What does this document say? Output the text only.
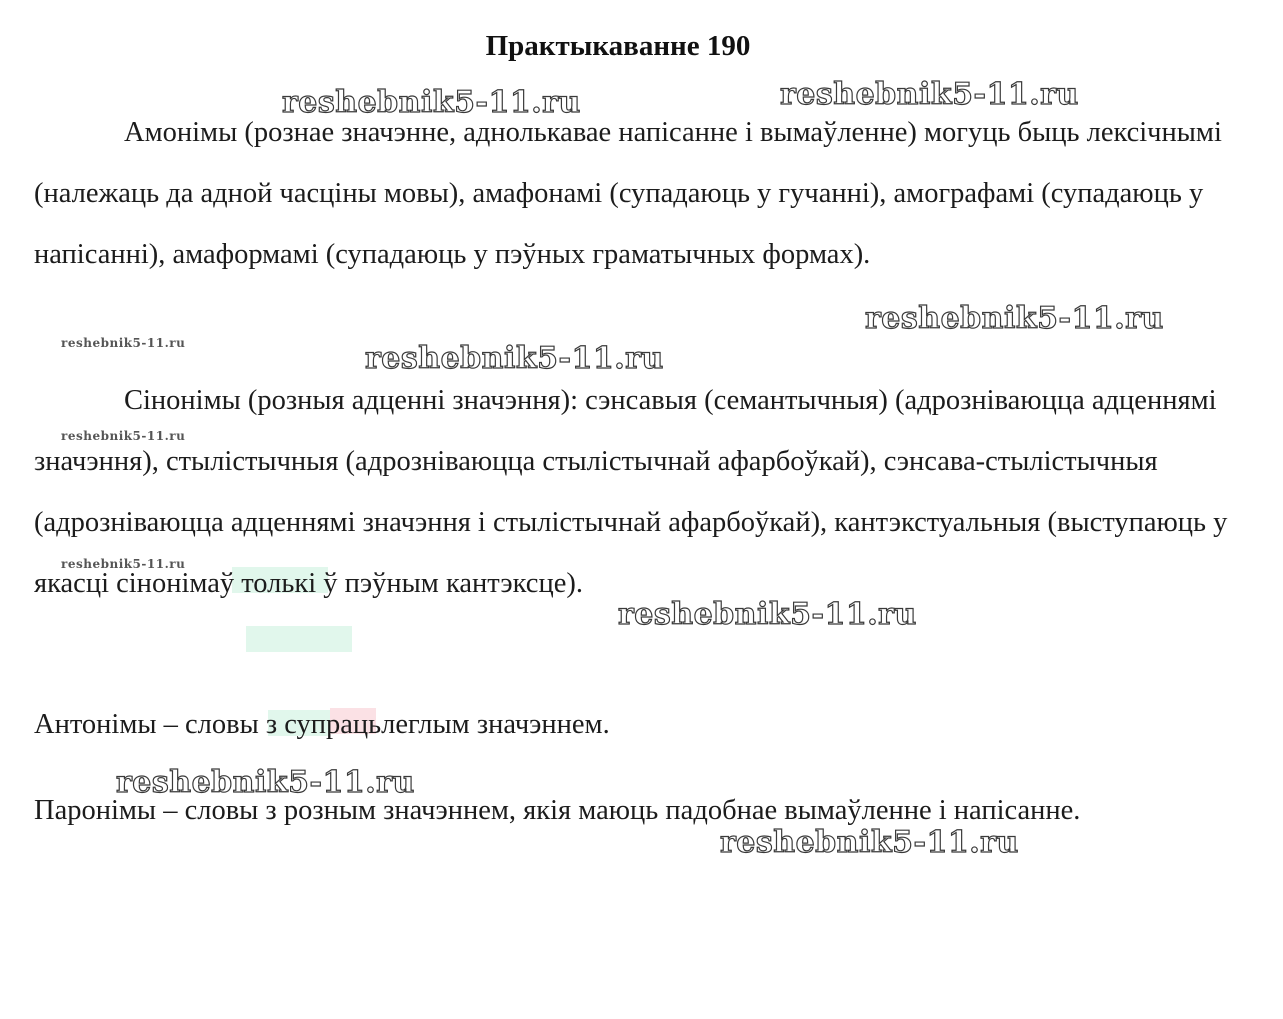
Практыкаванне 190

Амонімы (рознае значэнне, аднолькавае напісанне і вымаўленне) могуць быць лексічнымі (належаць да адной часціны мовы), амафонамі (супадаюць у гучанні), амографамі (супадаюць у напісанні), амаформамі (супадаюць у пэўных граматычных формах).

Сінонімы (розныя адценні значэння): сэнсавыя (семантычныя) (адрозніваюцца адценнямі значэння), стылістычныя (адрозніваюцца стылістычнай афарбоўкай), сэнсава-стылістычныя (адрозніваюцца адценнямі значэння і стылістычнай афарбоўкай), кантэкстуальныя (выступаюць у якасці сінонімаў толькі ў пэўным кантэксце).

Антонімы – словы з супрацьлеглым значэннем.

Паронімы – словы з розным значэннем, якія маюць падобнае вымаўленне і напісанне.

reshebnik5-11.ru	reshebnik5-11.ru
reshebnik5-11.ru
reshebnik5-11.ru
reshebnik5-11.ru
reshebnik5-11.ru
reshebnik5-11.ru
reshebnik5-11.ru
reshebnik5-11.ru
reshebnik5-11.ru
